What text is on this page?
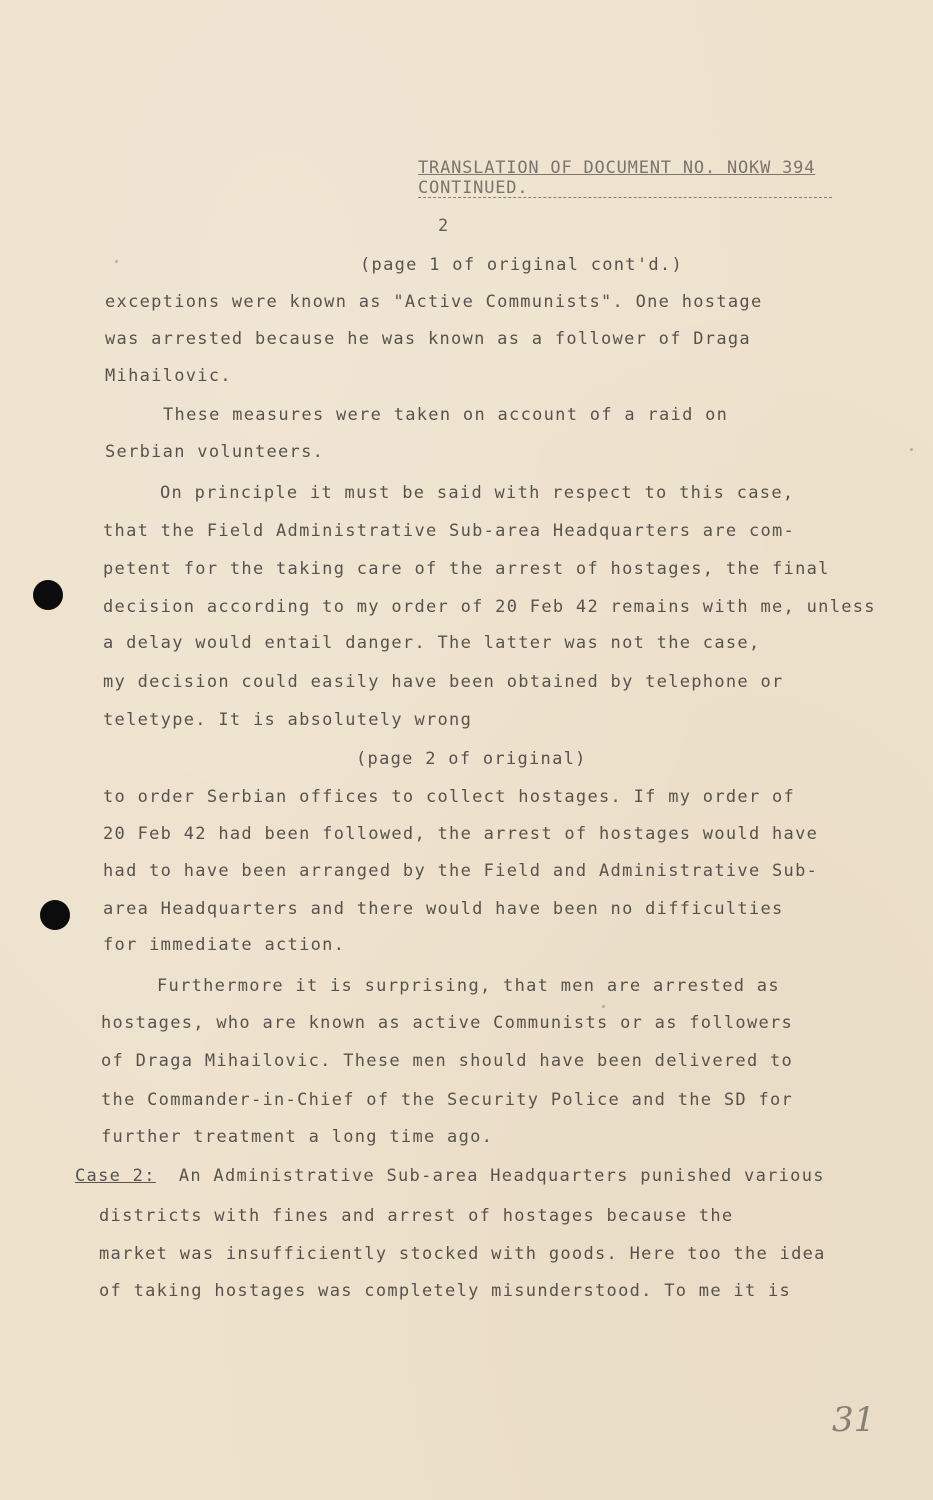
TRANSLATION OF DOCUMENT NO. NOKW 394
CONTINUED.
2
(page 1 of original cont'd.)
exceptions were known as "Active Communists". One hostage
was arrested because he was known as a follower of Draga
Mihailovic.
These measures were taken on account of a raid on
Serbian volunteers.
On principle it must be said with respect to this case,
that the Field Administrative Sub-area Headquarters are com-
petent for the taking care of the arrest of hostages, the final
decision according to my order of 20 Feb 42 remains with me, unless
a delay would entail danger. The latter was not the case,
my decision could easily have been obtained by telephone or
teletype. It is absolutely wrong
(page 2 of original)
to order Serbian offices to collect hostages. If my order of
20 Feb 42 had been followed, the arrest of hostages would have
had to have been arranged by the Field and Administrative Sub-
area Headquarters and there would have been no difficulties
for immediate action.
Furthermore it is surprising, that men are arrested as
hostages, who are known as active Communists or as followers
of Draga Mihailovic. These men should have been delivered to
the Commander-in-Chief of the Security Police and the SD for
further treatment a long time ago.
Case 2: An Administrative Sub-area Headquarters punished various
districts with fines and arrest of hostages because the
market was insufficiently stocked with goods. Here too the idea
of taking hostages was completely misunderstood. To me it is
31
